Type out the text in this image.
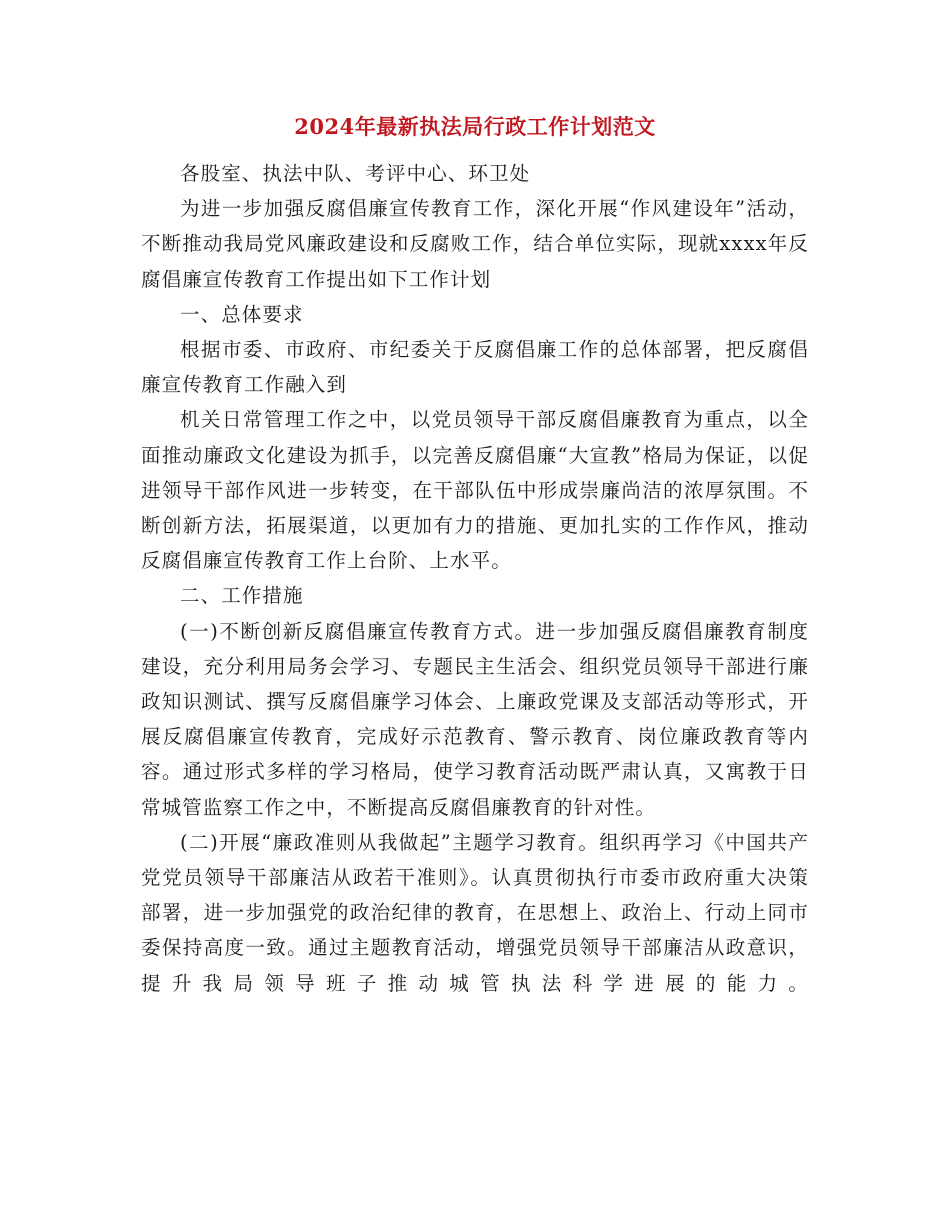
2024年最新执法局行政工作计划范文

各股室、执法中队、考评中心、环卫处

为进一步加强反腐倡廉宣传教育工作，深化开展“作风建设年”活动，不断推动我局党风廉政建设和反腐败工作，结合单位实际，现就xxxx年反腐倡廉宣传教育工作提出如下工作计划

一、总体要求

根据市委、市政府、市纪委关于反腐倡廉工作的总体部署，把反腐倡廉宣传教育工作融入到

机关日常管理工作之中，以党员领导干部反腐倡廉教育为重点，以全面推动廉政文化建设为抓手，以完善反腐倡廉“大宣教”格局为保证，以促进领导干部作风进一步转变，在干部队伍中形成崇廉尚洁的浓厚氛围。不断创新方法，拓展渠道，以更加有力的措施、更加扎实的工作作风，推动反腐倡廉宣传教育工作上台阶、上水平。

二、工作措施

(一)不断创新反腐倡廉宣传教育方式。进一步加强反腐倡廉教育制度建设，充分利用局务会学习、专题民主生活会、组织党员领导干部进行廉政知识测试、撰写反腐倡廉学习体会、上廉政党课及支部活动等形式，开展反腐倡廉宣传教育，完成好示范教育、警示教育、岗位廉政教育等内容。通过形式多样的学习格局，使学习教育活动既严肃认真，又寓教于日常城管监察工作之中，不断提高反腐倡廉教育的针对性。

(二)开展“廉政准则从我做起”主题学习教育。组织再学习《中国共产党党员领导干部廉洁从政若干准则》。认真贯彻执行市委市政府重大决策部署，进一步加强党的政治纪律的教育，在思想上、政治上、行动上同市委保持高度一致。通过主题教育活动，增强党员领导干部廉洁从政意识，提升我局领导班子推动城管执法科学进展的能力。
